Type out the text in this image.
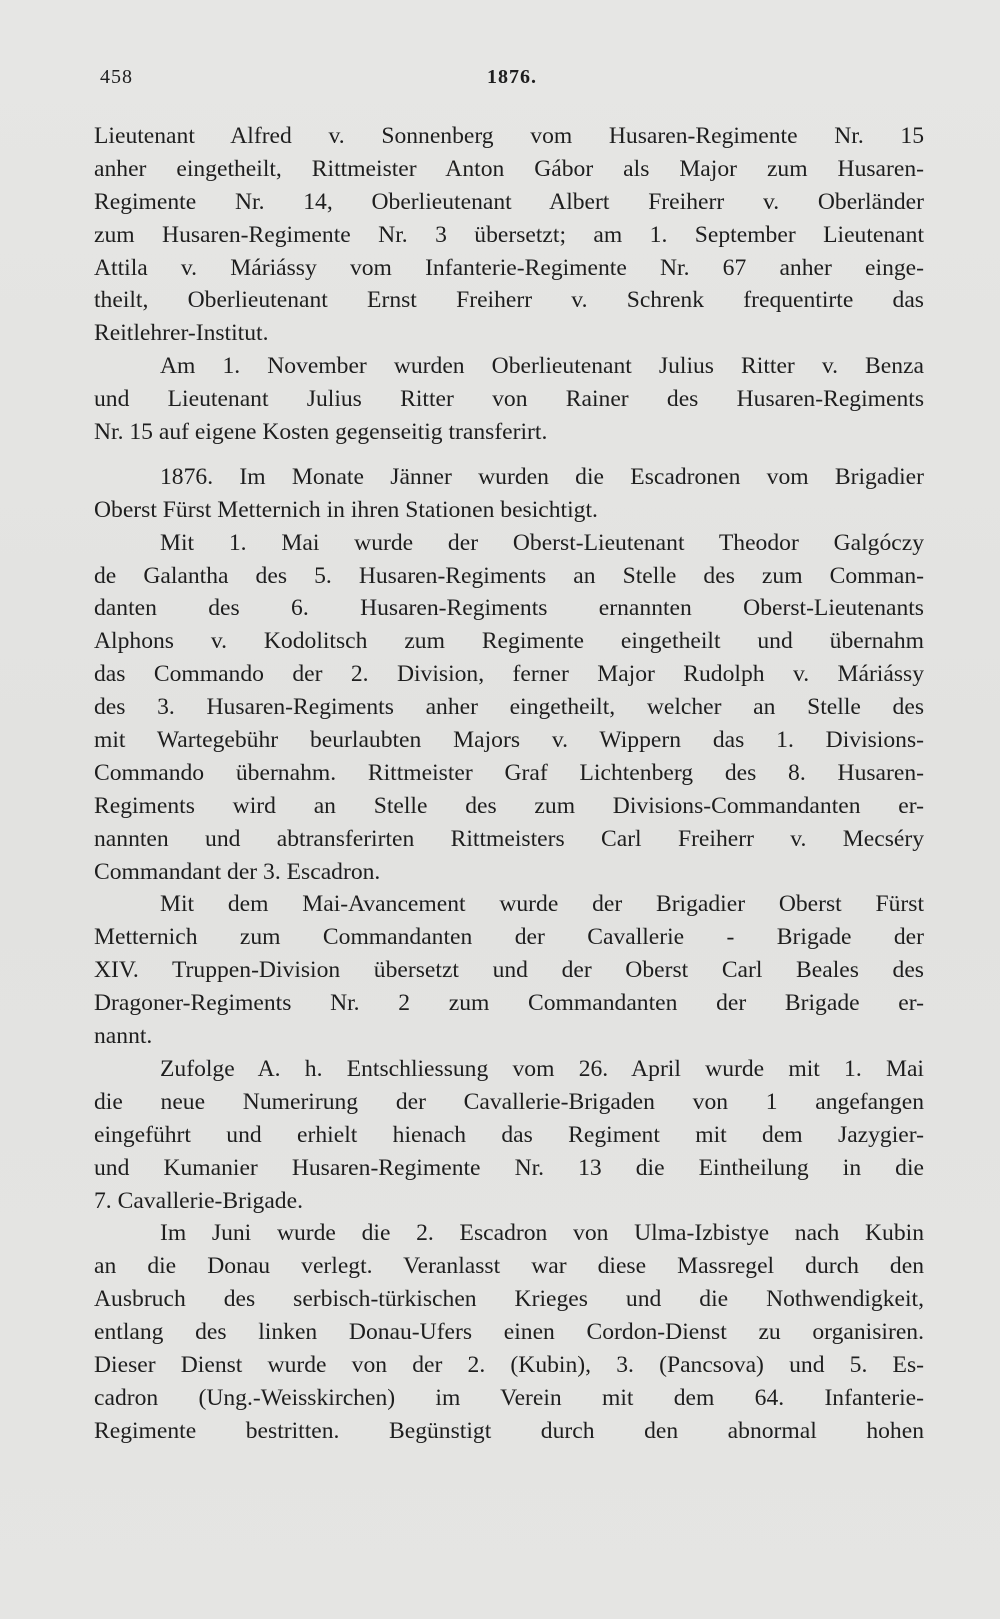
458	1876.
Lieutenant Alfred v. Sonnenberg vom Husaren-Regimente Nr. 15
anher eingetheilt, Rittmeister Anton Gábor als Major zum Husaren-
Regimente Nr. 14, Oberlieutenant Albert Freiherr v. Oberländer
zum Husaren-Regimente Nr. 3 übersetzt; am 1. September Lieutenant
Attila v. Máriássy vom Infanterie-Regimente Nr. 67 anher einge-
theilt, Oberlieutenant Ernst Freiherr v. Schrenk frequentirte das
Reitlehrer-Institut.
Am 1. November wurden Oberlieutenant Julius Ritter v. Benza
und Lieutenant Julius Ritter von Rainer des Husaren-Regiments
Nr. 15 auf eigene Kosten gegenseitig transferirt.
1876. Im Monate Jänner wurden die Escadronen vom Brigadier
Oberst Fürst Metternich in ihren Stationen besichtigt.
Mit 1. Mai wurde der Oberst-Lieutenant Theodor Galgóczy
de Galantha des 5. Husaren-Regiments an Stelle des zum Comman-
danten des 6. Husaren-Regiments ernannten Oberst-Lieutenants
Alphons v. Kodolitsch zum Regimente eingetheilt und übernahm
das Commando der 2. Division, ferner Major Rudolph v. Máriássy
des 3. Husaren-Regiments anher eingetheilt, welcher an Stelle des
mit Wartegebühr beurlaubten Majors v. Wippern das 1. Divisions-
Commando übernahm. Rittmeister Graf Lichtenberg des 8. Husaren-
Regiments wird an Stelle des zum Divisions-Commandanten er-
nannten und abtransferirten Rittmeisters Carl Freiherr v. Mecséry
Commandant der 3. Escadron.
Mit dem Mai-Avancement wurde der Brigadier Oberst Fürst
Metternich zum Commandanten der Cavallerie - Brigade der
XIV. Truppen-Division übersetzt und der Oberst Carl Beales des
Dragoner-Regiments Nr. 2 zum Commandanten der Brigade er-
nannt.
Zufolge A. h. Entschliessung vom 26. April wurde mit 1. Mai
die neue Numerirung der Cavallerie-Brigaden von 1 angefangen
eingeführt und erhielt hienach das Regiment mit dem Jazygier-
und Kumanier Husaren-Regimente Nr. 13 die Eintheilung in die
7. Cavallerie-Brigade.
Im Juni wurde die 2. Escadron von Ulma-Izbistye nach Kubin
an die Donau verlegt. Veranlasst war diese Massregel durch den
Ausbruch des serbisch-türkischen Krieges und die Nothwendigkeit,
entlang des linken Donau-Ufers einen Cordon-Dienst zu organisiren.
Dieser Dienst wurde von der 2. (Kubin), 3. (Pancsova) und 5. Es-
cadron (Ung.-Weisskirchen) im Verein mit dem 64. Infanterie-
Regimente bestritten. Begünstigt durch den abnormal hohen
